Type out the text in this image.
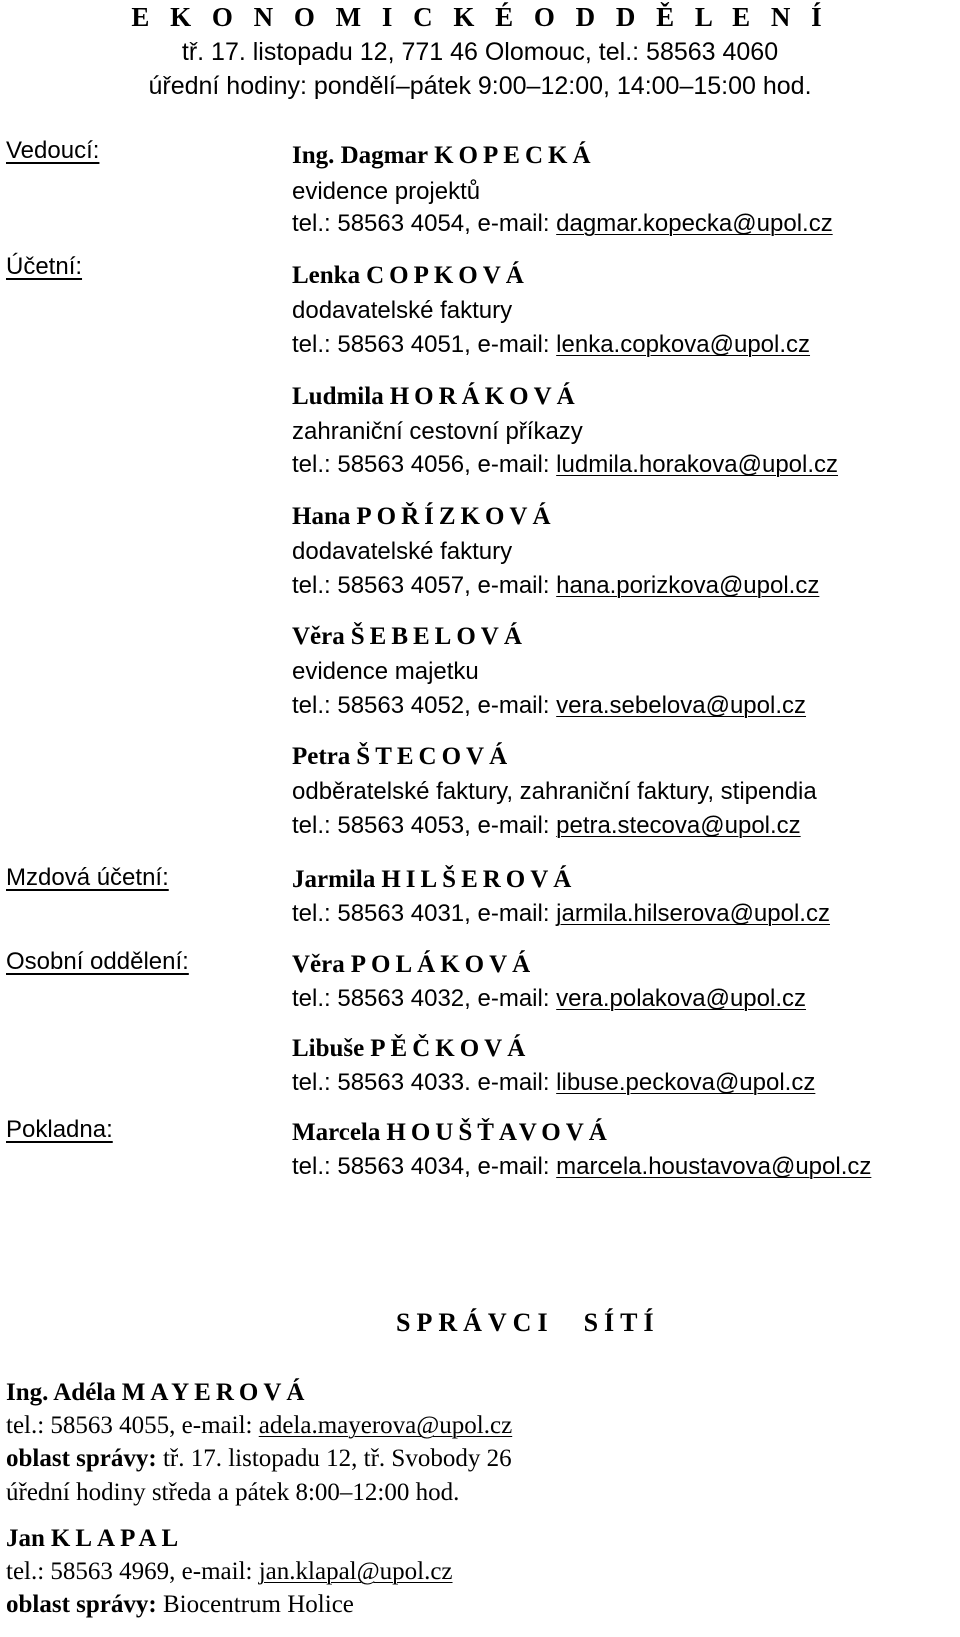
E K O N O M I C K É O D D Ě L E N Í
tř. 17. listopadu 12, 771 46 Olomouc, tel.: 58563 4060
úřední hodiny: pondělí–pátek 9:00–12:00, 14:00–15:00 hod.
Vedoucí:
Účetní:
Mzdová účetní:
Osobní oddělení:
Pokladna:
Ing. Dagmar KOPECKÁ
evidence projektů
tel.: 58563 4054, e-mail: dagmar.kopecka@upol.cz
Lenka COPKOVÁ
dodavatelské faktury
tel.: 58563 4051, e-mail: lenka.copkova@upol.cz
Ludmila HORÁKOVÁ
zahraniční cestovní příkazy
tel.: 58563 4056, e-mail: ludmila.horakova@upol.cz
Hana POŘÍZKOVÁ
dodavatelské faktury
tel.: 58563 4057, e-mail: hana.porizkova@upol.cz
Věra ŠEBELOVÁ
evidence majetku
tel.: 58563 4052, e-mail: vera.sebelova@upol.cz
Petra ŠTECOVÁ
odběratelské faktury, zahraniční faktury, stipendia
tel.: 58563 4053, e-mail: petra.stecova@upol.cz
Jarmila HILŠEROVÁ
tel.: 58563 4031, e-mail: jarmila.hilserova@upol.cz
Věra POLÁKOVÁ
tel.: 58563 4032, e-mail: vera.polakova@upol.cz
Libuše PĚČKOVÁ
tel.: 58563 4033. e-mail: libuse.peckova@upol.cz
Marcela HOUŠŤAVOVÁ
tel.: 58563 4034, e-mail: marcela.houstavova@upol.cz
SPRÁVCI SÍTÍ
Ing. Adéla MAYEROVÁ
tel.: 58563 4055, e-mail: adela.mayerova@upol.cz
oblast správy: tř. 17. listopadu 12, tř. Svobody 26
úřední hodiny středa a pátek 8:00–12:00 hod.
Jan KLAPAL
tel.: 58563 4969, e-mail: jan.klapal@upol.cz
oblast správy: Biocentrum Holice
